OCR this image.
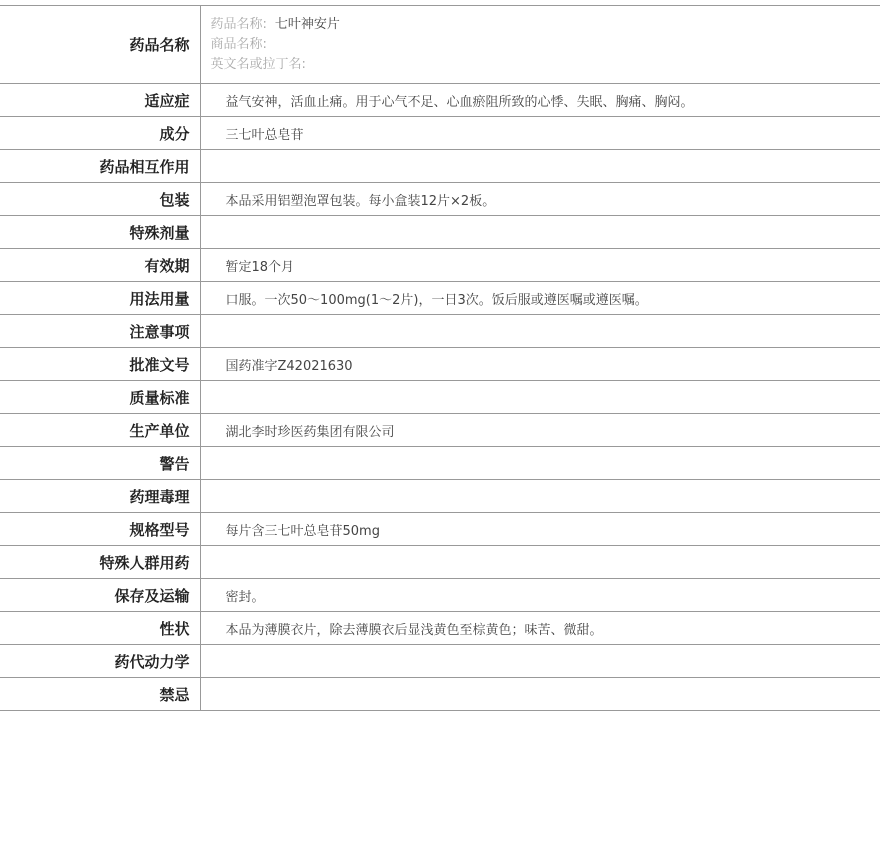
药品名称	药品名称: 七叶神安片
商品名称:
英文名或拉丁名:

适应症	益气安神，活血止痛。用于心气不足、心血瘀阻所致的心悸、失眠、胸痛、胸闷。
成分	三七叶总皂苷
药品相互作用	
包装	本品采用铝塑泡罩包装。每小盒装12片×2板。
特殊剂量	
有效期	暂定18个月
用法用量	口服。一次50～100mg(1～2片)，一日3次。饭后服或遵医嘱或遵医嘱。
注意事项	
批准文号	国药准字Z42021630
质量标准	
生产单位	湖北李时珍医药集团有限公司
警告	
药理毒理	
规格型号	每片含三七叶总皂苷50mg
特殊人群用药	
保存及运输	密封。
性状	本品为薄膜衣片，除去薄膜衣后显浅黄色至棕黄色；味苦、微甜。
药代动力学	
禁忌	
